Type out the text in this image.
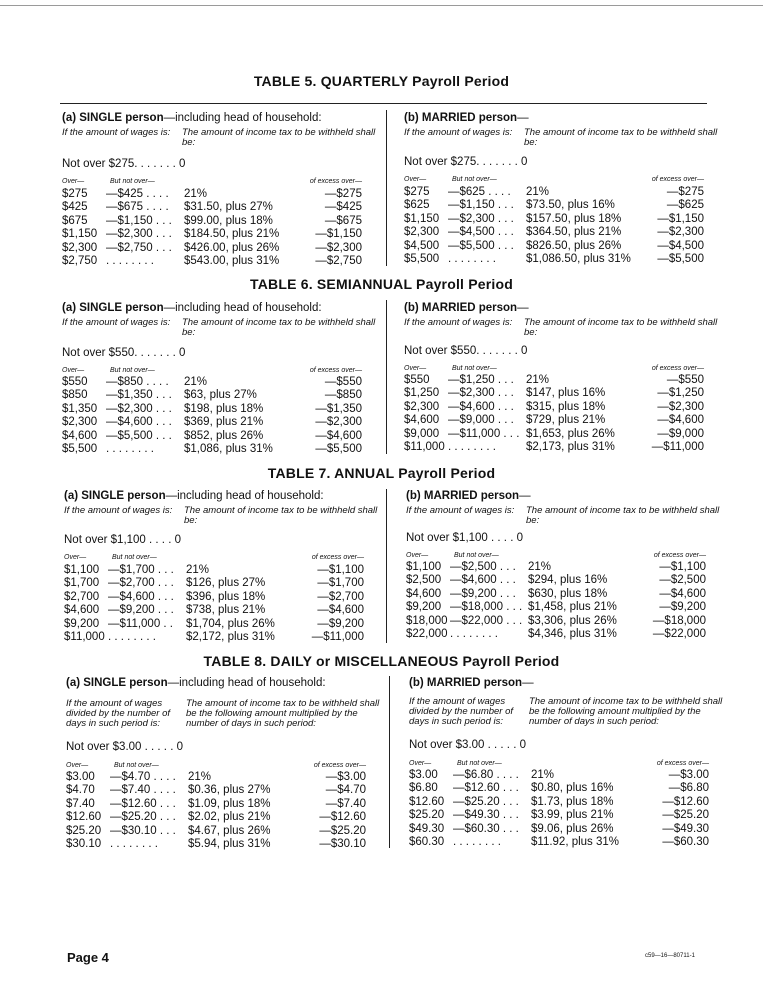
TABLE 5. QUARTERLY Payroll Period
(a) SINGLE person—including head of household:
If the amount of wages is:	The amount of income tax to be withheld shall be:
Not over $275. . . . . . . 0
Over—	But not over—	of excess over—
$275 —$425 . . . . 21%	—$275
$425 —$675 . . . . $31.50, plus 27%	—$425
$675 —$1,150 . . . $99.00, plus 18%	—$675
$1,150 —$2,300 . . . $184.50, plus 21%	—$1,150
$2,300 —$2,750 . . . $426.00, plus 26%	—$2,300
$2,750 . . . . . . . .	$543.00, plus 31%	—$2,750
(b) MARRIED person—
If the amount of wages is:	The amount of income tax to be withheld shall be:
Not over $275. . . . . . . 0
Over—	But not over—	of excess over—
$275 —$625 . . . . 21%	—$275
$625 —$1,150 . . . $73.50, plus 16%	—$625
$1,150 —$2,300 . . . $157.50, plus 18%	—$1,150
$2,300 —$4,500 . . . $364.50, plus 21%	—$2,300
$4,500 —$5,500 . . . $826.50, plus 26%	—$4,500
$5,500 . . . . . . . .	$1,086.50, plus 31% —$5,500
TABLE 6. SEMIANNUAL Payroll Period
(a) SINGLE person—including head of household:
If the amount of wages is:	The amount of income tax to be withheld shall be:
Not over $550. . . . . . . 0
Over—	But not over—	of excess over—
$550 —$850 . . . . 21%	—$550
$850 —$1,350 . . . $63, plus 27%	—$850
$1,350 —$2,300 . . . $198, plus 18%	—$1,350
$2,300 —$4,600 . . . $369, plus 21%	—$2,300
$4,600 —$5,500 . . . $852, plus 26%	—$4,600
$5,500 . . . . . . . .	$1,086, plus 31%	—$5,500
(b) MARRIED person—
If the amount of wages is:	The amount of income tax to be withheld shall be:
Not over $550. . . . . . . 0
Over—	But not over—	of excess over—
$550 —$1,250 . . . 21%	—$550
$1,250 —$2,300 . . . $147, plus 16%	—$1,250
$2,300 —$4,600 . . . $315, plus 18%	—$2,300
$4,600 —$9,000 . . . $729, plus 21%	—$4,600
$9,000 —$11,000 . . . $1,653, plus 26%	—$9,000
$11,000 . . . . . . . .	$2,173, plus 31%	—$11,000
TABLE 7. ANNUAL Payroll Period
(a) SINGLE person—including head of household:
If the amount of wages is:	The amount of income tax to be withheld shall be:
Not over $1,100 . . . . 0
Over—	But not over—	of excess over—
$1,100 —$1,700 . . . 21%	—$1,100
$1,700 —$2,700 . . . $126, plus 27%	—$1,700
$2,700 —$4,600 . . . $396, plus 18%	—$2,700
$4,600 —$9,200 . . . $738, plus 21%	—$4,600
$9,200 —$11,000 . . $1,704, plus 26%	—$9,200
$11,000 . . . . . . . .	$2,172, plus 31%	—$11,000
(b) MARRIED person—
If the amount of wages is:	The amount of income tax to be withheld shall be:
Not over $1,100 . . . . 0
Over—	But not over—	of excess over—
$1,100 —$2,500 . . . 21%	—$1,100
$2,500 —$4,600 . . . $294, plus 16%	—$2,500
$4,600 —$9,200 . . . $630, plus 18%	—$4,600
$9,200 —$18,000 . . . $1,458, plus 21%	—$9,200
$18,000 —$22,000 . . . $3,306, plus 26%	—$18,000
$22,000 . . . . . . . .	$4,346, plus 31%	—$22,000
TABLE 8. DAILY or MISCELLANEOUS Payroll Period
(a) SINGLE person—including head of household:
If the amount of wages divided by the number of days in such period is:
The amount of income tax to be withheld shall be the following amount multiplied by the number of days in such period:
Not over $3.00 . . . . . 0
Over—	But not over—	of excess over—
$3.00 —$4.70 . . . . 21%	—$3.00
$4.70 —$7.40 . . . . $0.36, plus 27%	—$4.70
$7.40 —$12.60 . . . $1.09, plus 18%	—$7.40
$12.60 —$25.20 . . . $2.02, plus 21%	—$12.60
$25.20 —$30.10 . . . $4.67, plus 26%	—$25.20
$30.10 . . . . . . . .	$5.94, plus 31%	—$30.10
(b) MARRIED person—
If the amount of wages divided by the number of days in such period is:
The amount of income tax to be withheld shall be the following amount multiplied by the number of days in such period:
Not over $3.00 . . . . . 0
Over—	But not over—	of excess over—
$3.00 —$6.80 . . . . 21%	—$3.00
$6.80 —$12.60 . . . $0.80, plus 16%	—$6.80
$12.60 —$25.20 . . . $1.73, plus 18%	—$12.60
$25.20 —$49.30 . . . $3.99, plus 21%	—$25.20
$49.30 —$60.30 . . . $9.06, plus 26%	—$49.30
$60.30 . . . . . . . .	$11.92, plus 31%	—$60.30
Page 4	c59—16—80711-1
